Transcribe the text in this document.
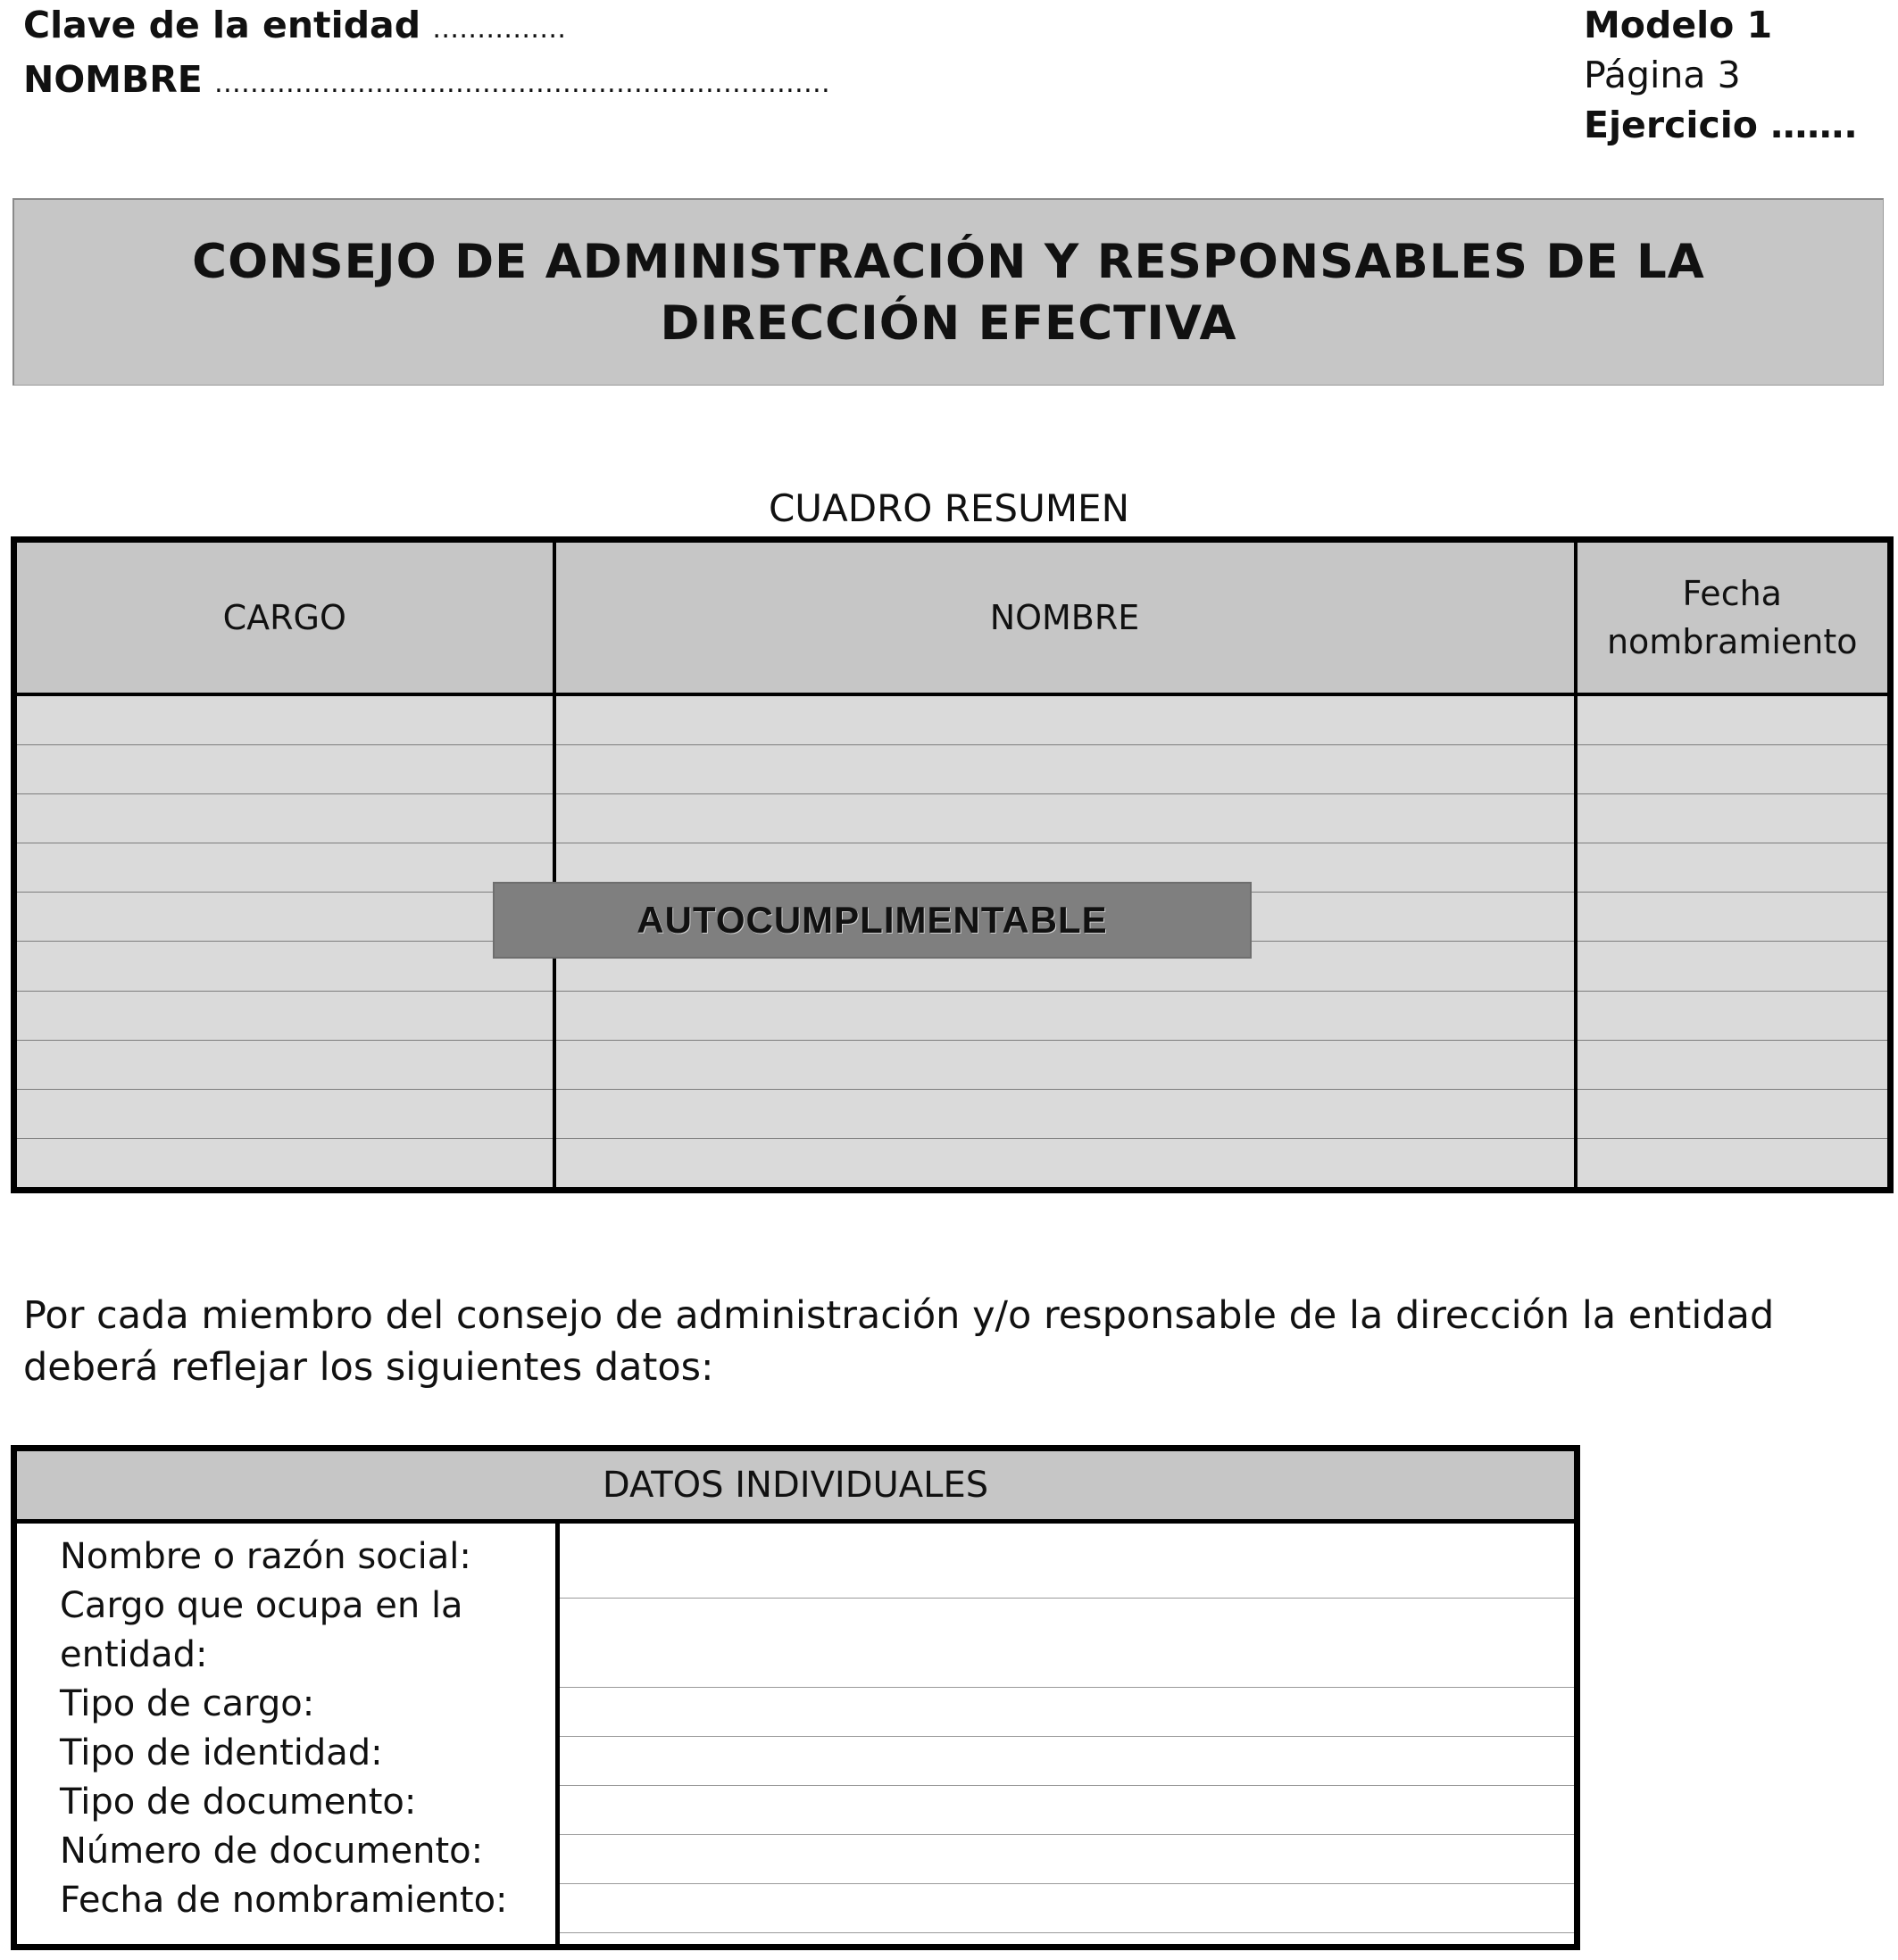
Clave de la entidad ……………
NOMBRE ……………………………………………………………
Modelo 1
Página 3
Ejercicio …….
CONSEJO DE ADMINISTRACIÓN Y RESPONSABLES DE LA
DIRECCIÓN EFECTIVA
CUADRO RESUMEN
CARGO	NOMBRE	Fecha
nombramiento

AUTOCUMPLIMENTABLE
Por cada miembro del consejo de administración y/o responsable de la dirección la entidad
deberá reflejar los siguientes datos:
DATOS INDIVIDUALES
Nombre o razón social:
Cargo que ocupa en la
entidad:
Tipo de cargo:
Tipo de identidad:
Tipo de documento:
Número de documento:
Fecha de nombramiento:
